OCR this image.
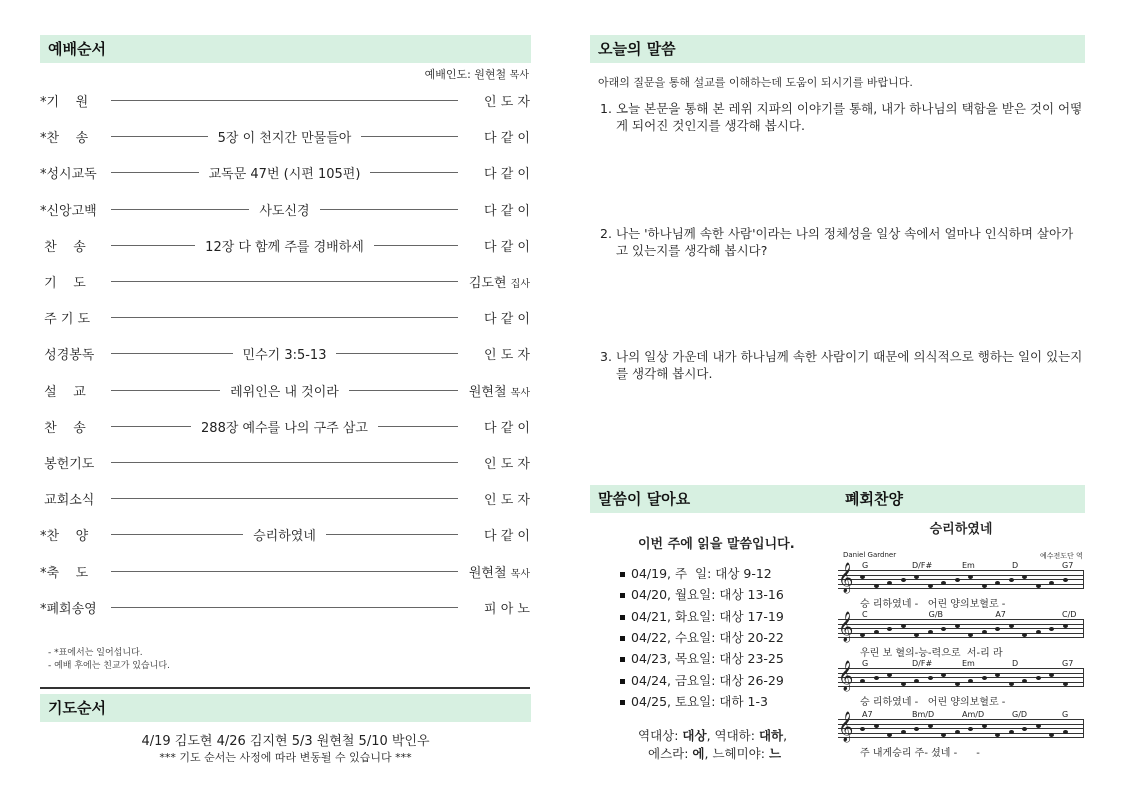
예배순서
예배인도: 원현철 목사
*기    원	인 도 자
*찬    송	5장 이 천지간 만물들아	다 같 이
*성시교독	교독문 47번 (시편 105편)	다 같 이
*신앙고백	사도신경	다 같 이
찬    송	12장 다 함께 주를 경배하세	다 같 이
기    도	김도현 집사
주 기 도	다 같 이
성경봉독	민수기 3:5-13	인 도 자
설    교	레위인은 내 것이라	원현철 목사
찬    송	288장 예수를 나의 구주 삼고	다 같 이
봉헌기도	인 도 자
교회소식	인 도 자
*찬    양	승리하였네	다 같 이
*축    도	원현철 목사
*폐회송영	피 아 노
- *표에서는 일어섭니다.
- 예배 후에는 친교가 있습니다.
기도순서
4/19 김도현 4/26 김지현 5/3 원현철 5/10 박인우
*** 기도 순서는 사정에 따라 변동될 수 있습니다 ***
오늘의 말씀
아래의 질문을 통해 설교를 이해하는데 도움이 되시기를 바랍니다.
1. 오늘 본문을 통해 본 레위 지파의 이야기를 통해, 내가 하나님의 택함을 받은 것이 어떻게 되어진 것인지를 생각해 봅시다.
2. 나는 '하나님께 속한 사람'이라는 나의 정체성을 일상 속에서 얼마나 인식하며 살아가고 있는지를 생각해 봅시다?
3. 나의 일상 가운데 내가 하나님께 속한 사람이기 때문에 의식적으로 행하는 일이 있는지를 생각해 봅시다.
말씀이 달아요	폐회찬양
이번 주에 읽을 말씀입니다.
04/19, 주  일: 대상 9-12
04/20, 월요일: 대상 13-16
04/21, 화요일: 대상 17-19
04/22, 수요일: 대상 20-22
04/23, 목요일: 대상 23-25
04/24, 금요일: 대상 26-29
04/25, 토요일: 대하 1-3
역대상: 대상, 역대하: 대하,
에스라: 에, 느헤미야: 느
승리하였네
Daniel Gardner	예수전도단 역
𝄞 G	D/F#	Em	D	G7
승 리하였네 -   어린 양의보혈로 -
𝄞 C	G/B	A7	C/D
우린 보 혈의-능-력으로  서-리 라
𝄞 G	D/F#	Em	D	G7
승 리하였네 -   어린 양의보혈로 -
𝄞 A7	Bm/D	Am/D	G/D	G
주 내게승리 주- 셨네 -      -
